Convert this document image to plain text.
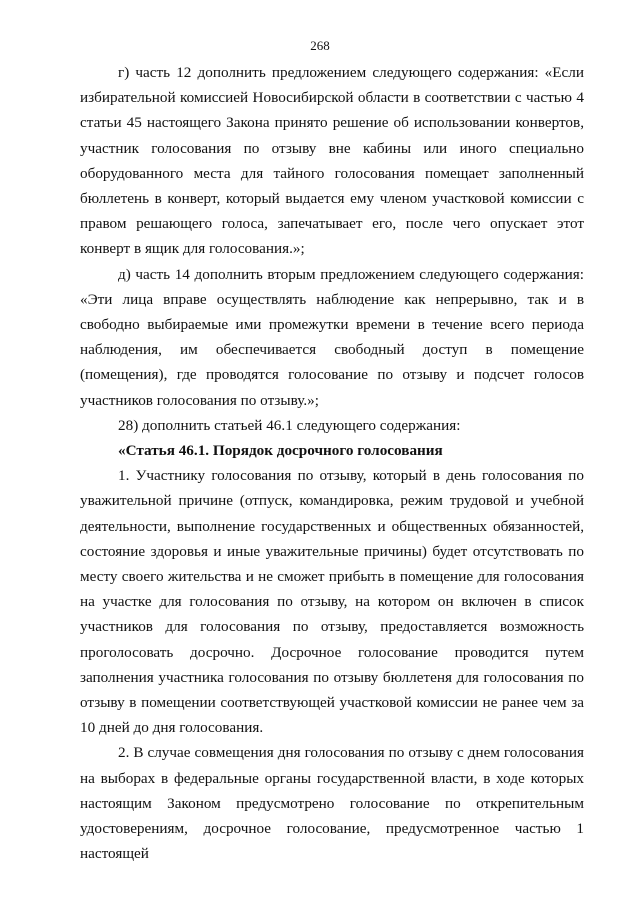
268

г) часть 12 дополнить предложением следующего содержания: «Если избирательной комиссией Новосибирской области в соответствии с частью 4 статьи 45 настоящего Закона принято решение об использовании конвертов, участник голосования по отзыву вне кабины или иного специально оборудованного места для тайного голосования помещает заполненный бюллетень в конверт, который выдается ему членом участковой комиссии с правом решающего голоса, запечатывает его, после чего опускает этот конверт в ящик для голосования.»;

д) часть 14 дополнить вторым предложением следующего содержания: «Эти лица вправе осуществлять наблюдение как непрерывно, так и в свободно выбираемые ими промежутки времени в течение всего периода наблюдения, им обеспечивается свободный доступ в помещение (помещения), где проводятся голосование по отзыву и подсчет голосов участников голосования по отзыву.»;

28) дополнить статьей 46.1 следующего содержания:

«Статья 46.1. Порядок досрочного голосования

1. Участнику голосования по отзыву, который в день голосования по уважительной причине (отпуск, командировка, режим трудовой и учебной деятельности, выполнение государственных и общественных обязанностей, состояние здоровья и иные уважительные причины) будет отсутствовать по месту своего жительства и не сможет прибыть в помещение для голосования на участке для голосования по отзыву, на котором он включен в список участников для голосования по отзыву, предоставляется возможность проголосовать досрочно. Досрочное голосование проводится путем заполнения участника голосования по отзыву бюллетеня для голосования по отзыву в помещении соответствующей участковой комиссии не ранее чем за 10 дней до дня голосования.

2. В случае совмещения дня голосования по отзыву с днем голосования на выборах в федеральные органы государственной власти, в ходе которых настоящим Законом предусмотрено голосование по открепительным удостоверениям, досрочное голосование, предусмотренное частью 1 настоящей
